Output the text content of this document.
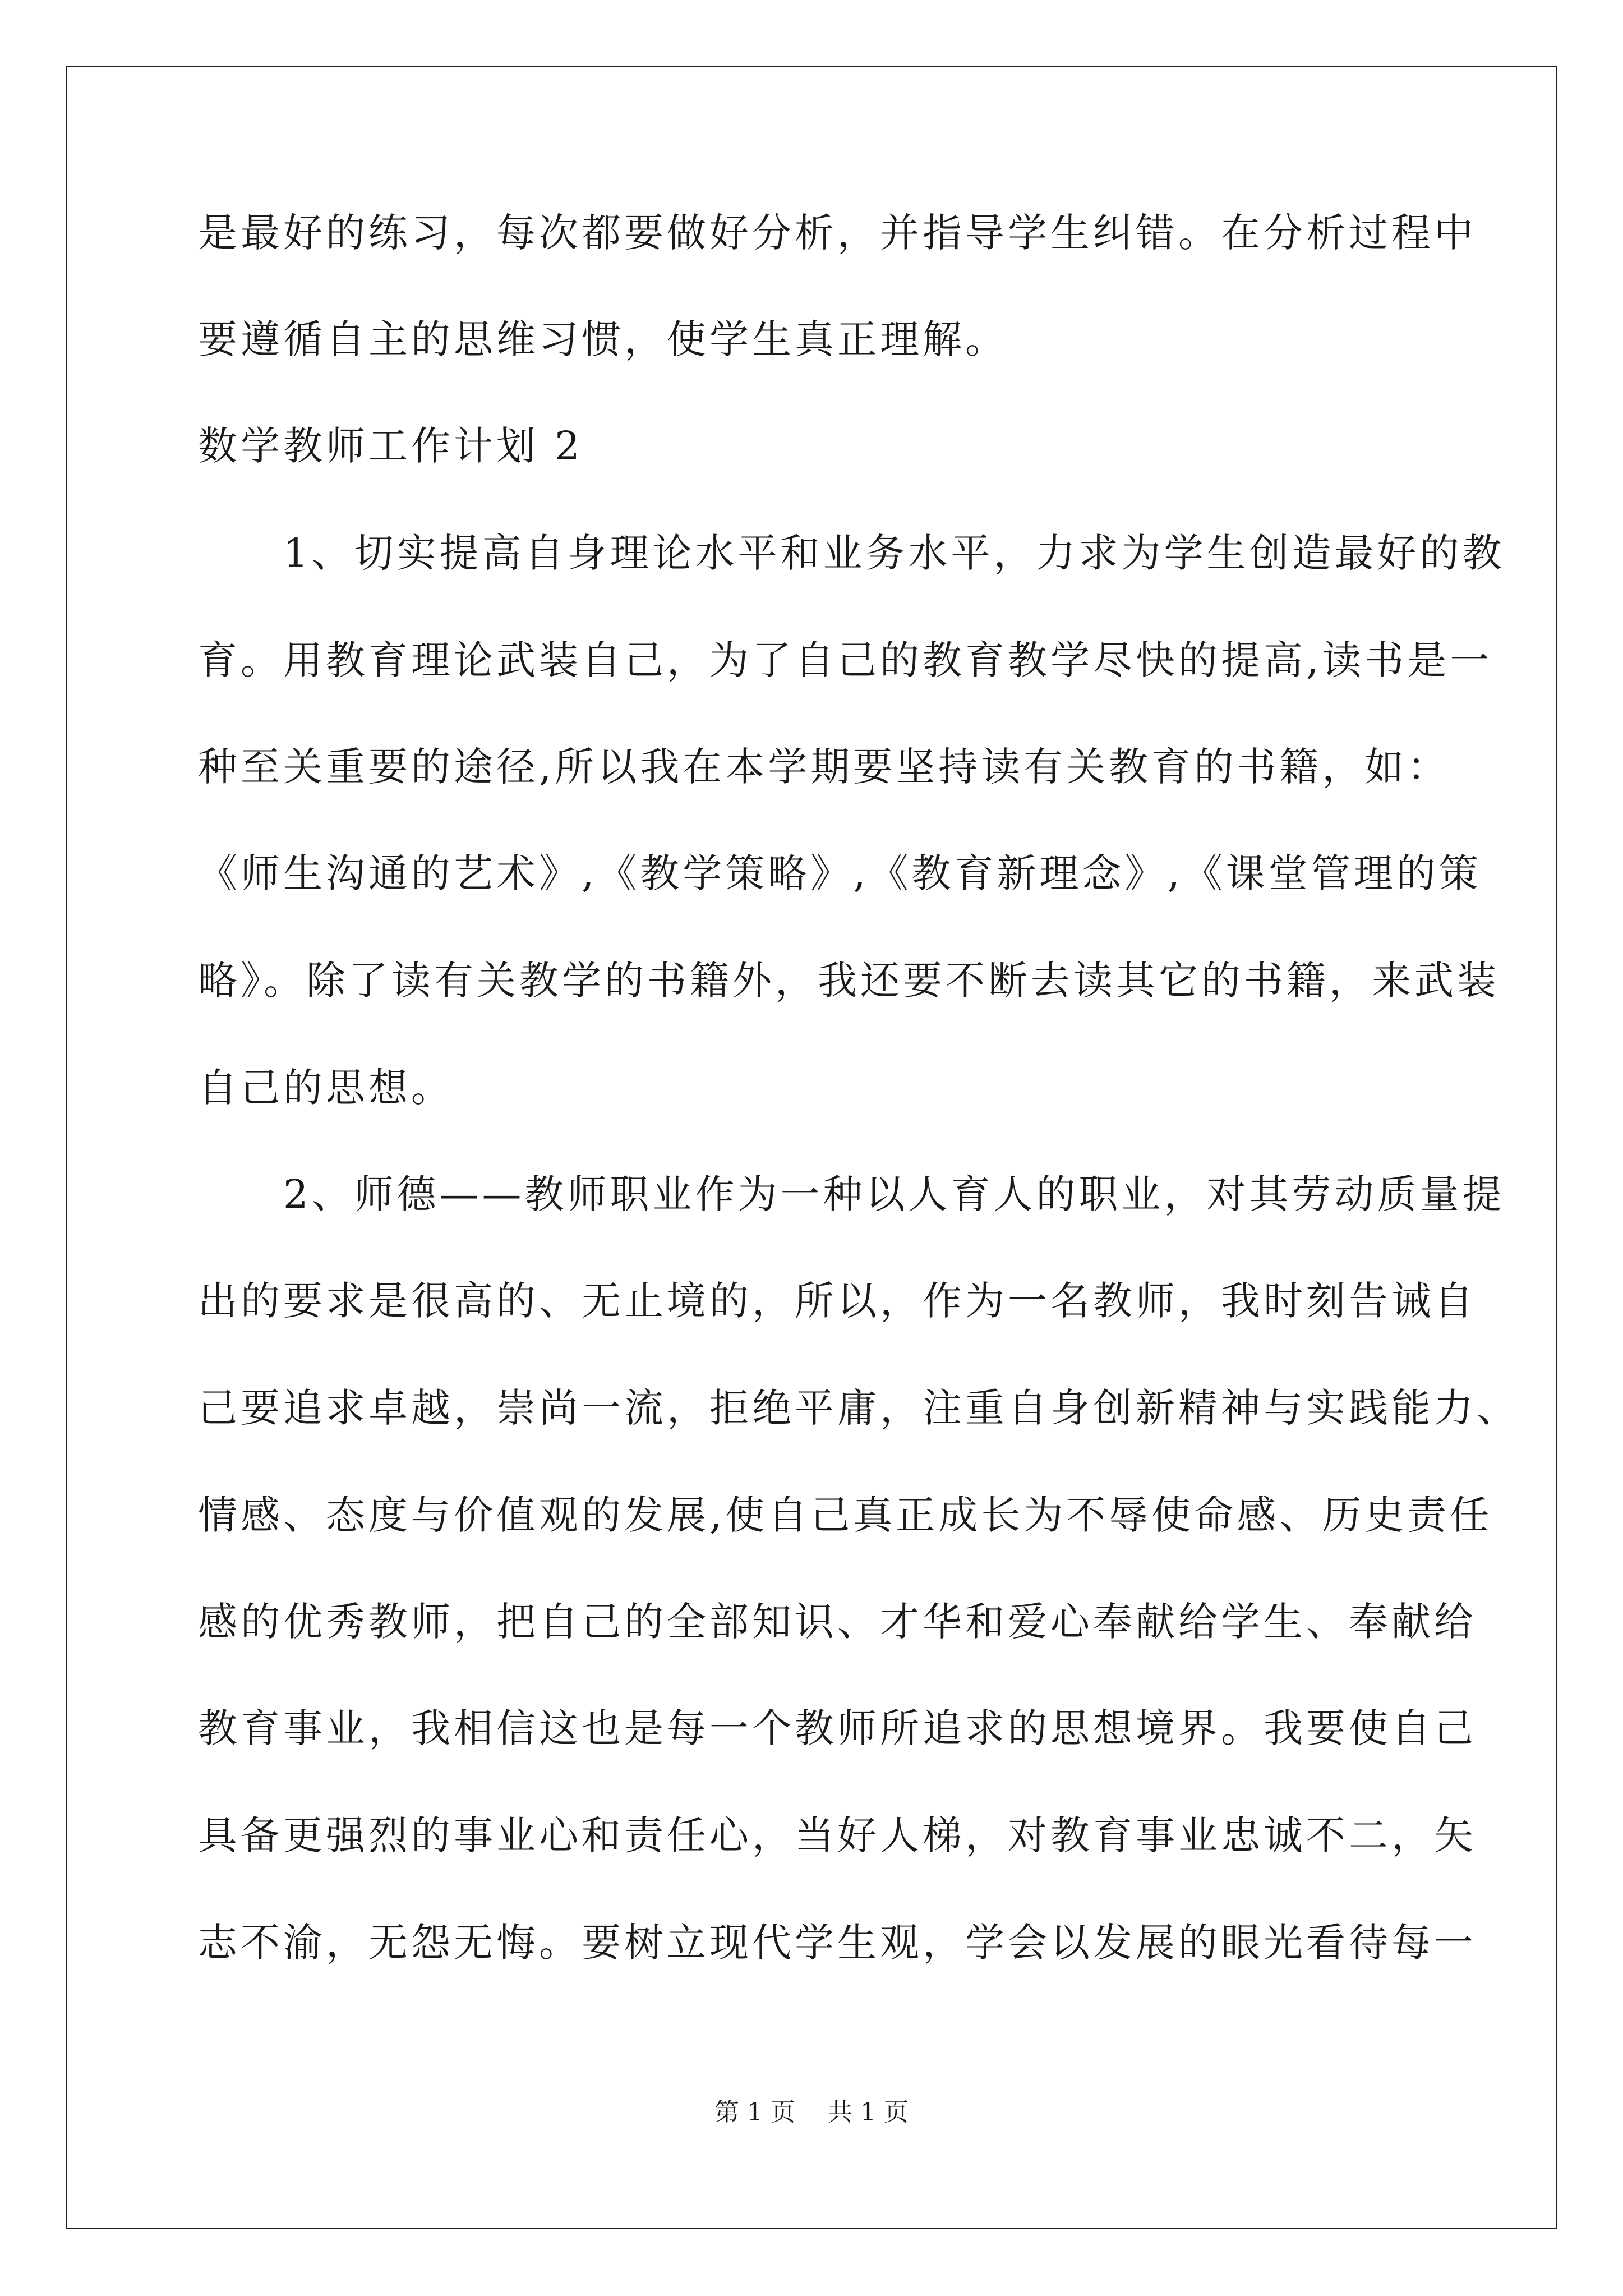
是最好的练习，每次都要做好分析，并指导学生纠错。在分析过程中

要遵循自主的思维习惯，使学生真正理解。

数学教师工作计划 2

　　1、切实提高自身理论水平和业务水平，力求为学生创造最好的教

育。用教育理论武装自己，为了自己的教育教学尽快的提高,读书是一

种至关重要的途径,所以我在本学期要坚持读有关教育的书籍，如：

《师生沟通的艺术》,《教学策略》,《教育新理念》,《课堂管理的策

略》。除了读有关教学的书籍外，我还要不断去读其它的书籍，来武装

自己的思想。

　　2、师德——教师职业作为一种以人育人的职业，对其劳动质量提

出的要求是很高的、无止境的，所以，作为一名教师，我时刻告诫自

己要追求卓越，崇尚一流，拒绝平庸，注重自身创新精神与实践能力、

情感、态度与价值观的发展,使自己真正成长为不辱使命感、历史责任

感的优秀教师，把自己的全部知识、才华和爱心奉献给学生、奉献给

教育事业，我相信这也是每一个教师所追求的思想境界。我要使自己

具备更强烈的事业心和责任心，当好人梯，对教育事业忠诚不二，矢

志不渝，无怨无悔。要树立现代学生观，学会以发展的眼光看待每一

第 1 页　 共 1 页
